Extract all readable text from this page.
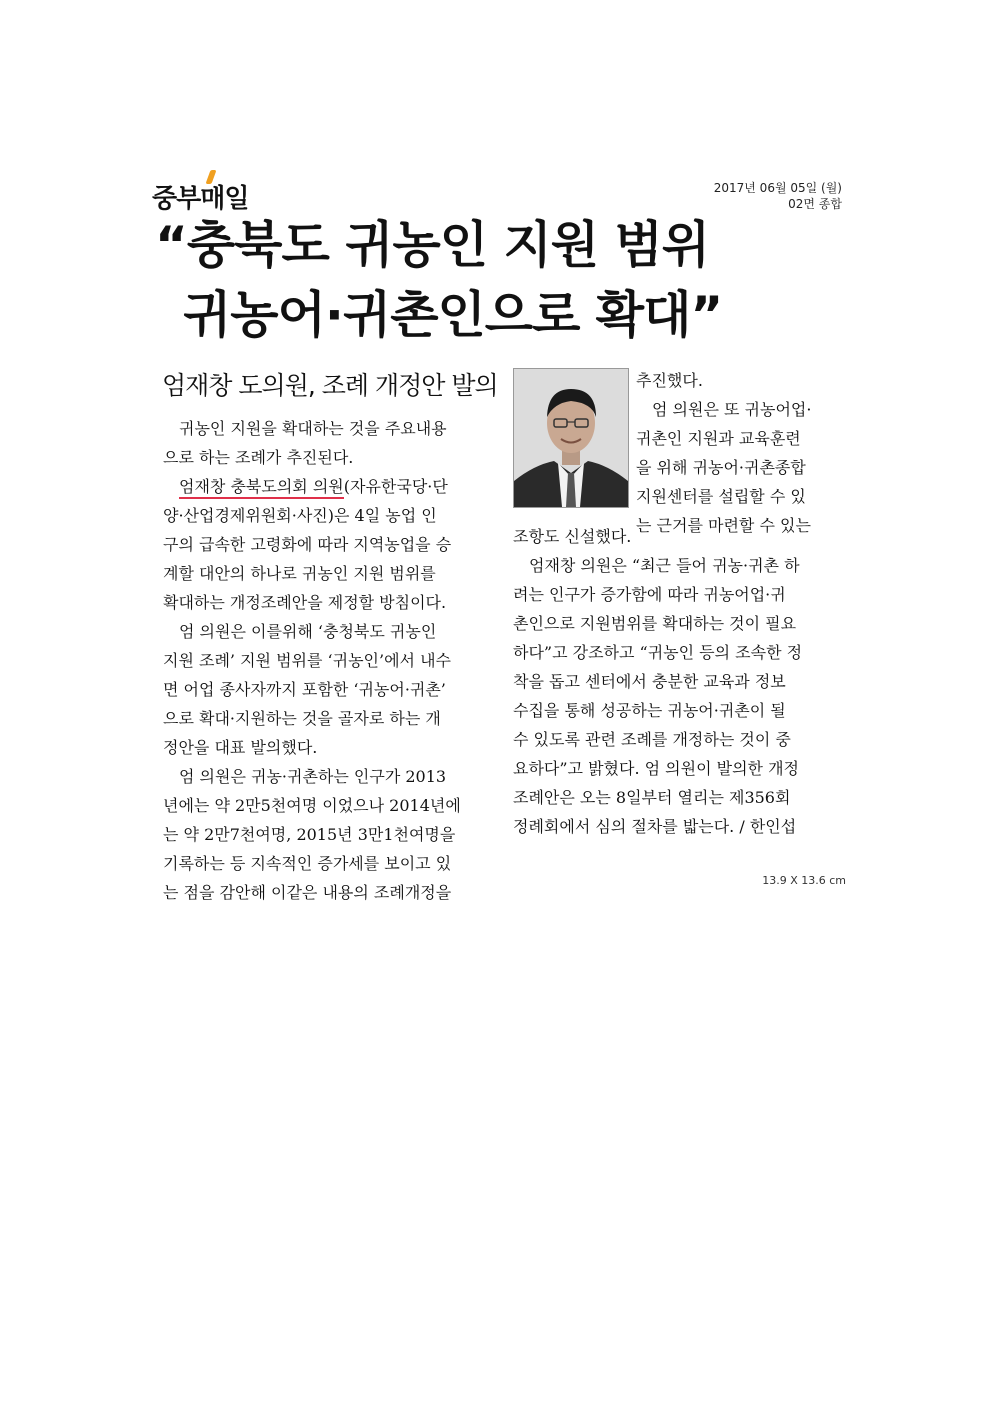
중부매일	2017년 06월 05일 (월)
02면 종합
“충북도 귀농인 지원 범위
귀농어·귀촌인으로 확대”
엄재창 도의원, 조례 개정안 발의
　귀농인 지원을 확대하는 것을 주요내용
으로 하는 조례가 추진된다.
　엄재창 충북도의회 의원(자유한국당·단
양·산업경제위원회·사진)은 4일 농업 인
구의 급속한 고령화에 따라 지역농업을 승
계할 대안의 하나로 귀농인 지원 범위를
확대하는 개정조례안을 제정할 방침이다.
　엄 의원은 이를위해 ‘충청북도 귀농인
지원 조례’ 지원 범위를 ‘귀농인’에서 내수
면 어업 종사자까지 포함한 ‘귀농어·귀촌’
으로 확대·지원하는 것을 골자로 하는 개
정안을 대표 발의했다.
　엄 의원은 귀농·귀촌하는 인구가 2013
년에는 약 2만5천여명 이었으나 2014년에
는 약 2만7천여명, 2015년 3만1천여명을
기록하는 등 지속적인 증가세를 보이고 있
는 점을 감안해 이같은 내용의 조례개정을
추진했다.
　엄 의원은 또 귀농어업·
귀촌인 지원과 교육훈련
을 위해 귀농어·귀촌종합
지원센터를 설립할 수 있
는 근거를 마련할 수 있는
조항도 신설했다.
　엄재창 의원은 “최근 들어 귀농·귀촌 하
려는 인구가 증가함에 따라 귀농어업·귀
촌인으로 지원범위를 확대하는 것이 필요
하다”고 강조하고 “귀농인 등의 조속한 정
착을 돕고 센터에서 충분한 교육과 정보
수집을 통해 성공하는 귀농어·귀촌이 될
수 있도록 관련 조례를 개정하는 것이 중
요하다”고 밝혔다. 엄 의원이 발의한 개정
조례안은 오는 8일부터 열리는 제356회
정례회에서 심의 절차를 밟는다. / 한인섭
13.9 X 13.6 cm
